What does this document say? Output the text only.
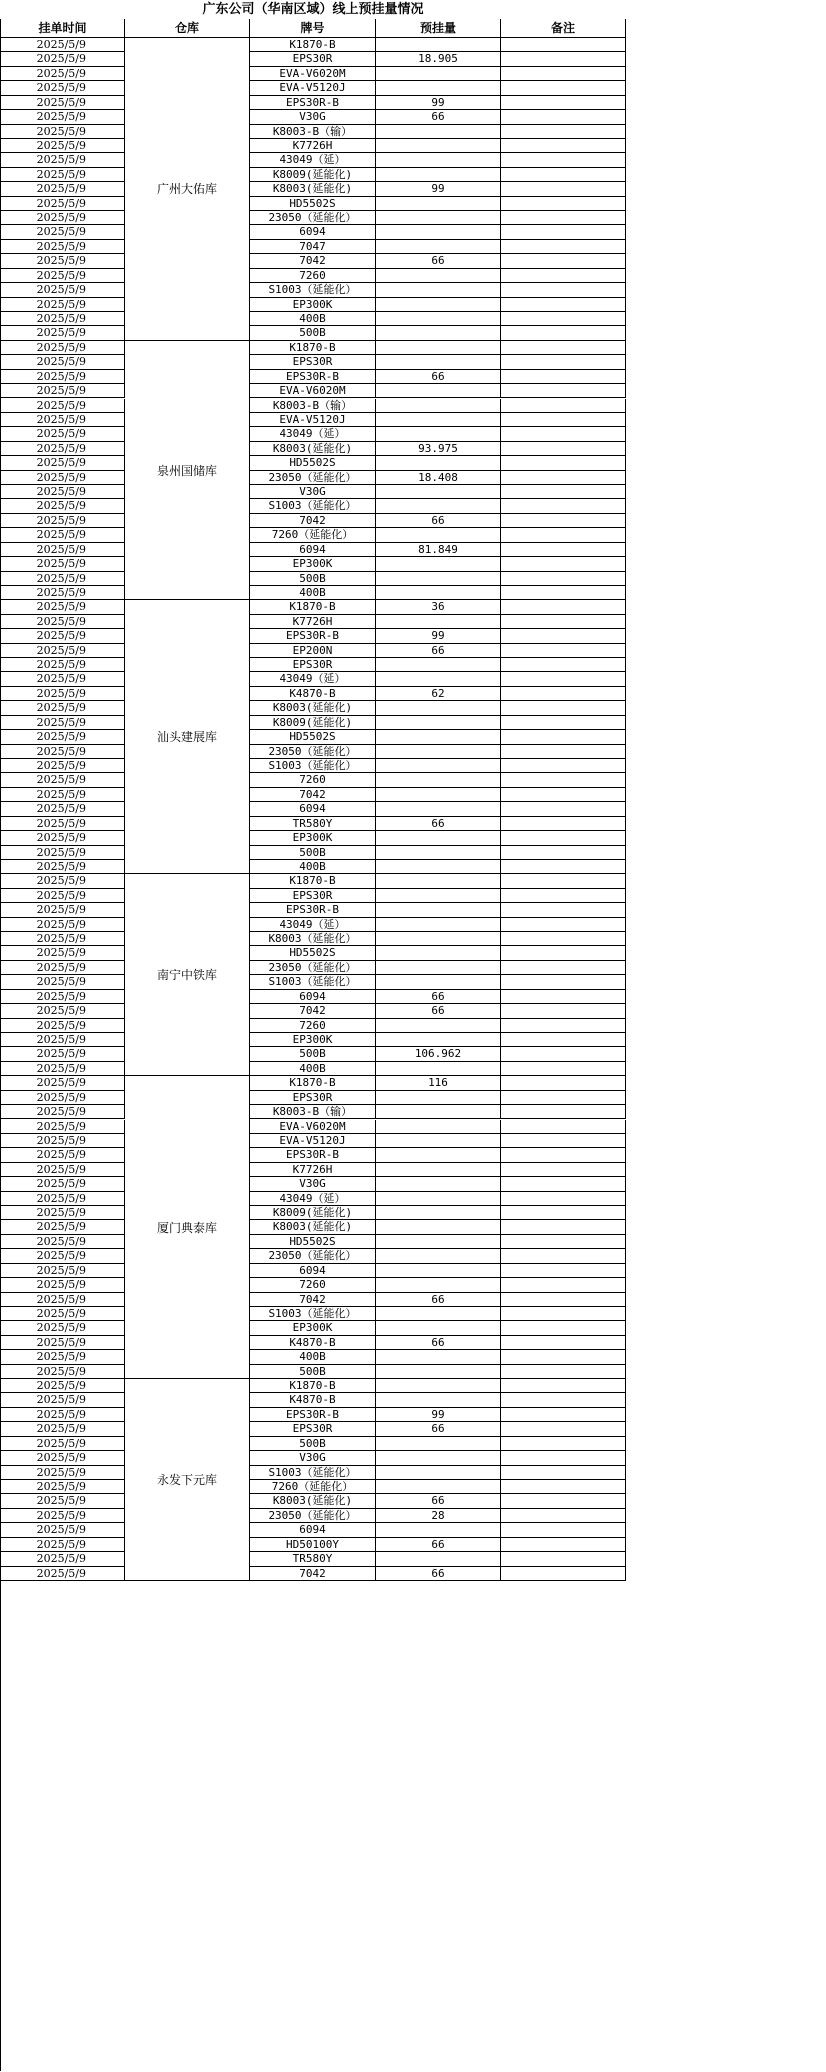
广东公司（华南区域）线上预挂量情况
挂单时间	仓库	牌号	预挂量	备注
广州大佑库
2025/5/9	K1870-B
2025/5/9	EPS30R	18.905
2025/5/9	EVA-V6020M
2025/5/9	EVA-V5120J
2025/5/9	EPS30R-B	99
2025/5/9	V30G	66
2025/5/9	K8003-B（输）
2025/5/9	K7726H
2025/5/9	43049（延）
2025/5/9	K8009(延能化)
2025/5/9	K8003(延能化)	99
2025/5/9	HD5502S
2025/5/9	23050（延能化）
2025/5/9	6094
2025/5/9	7047
2025/5/9	7042	66
2025/5/9	7260
2025/5/9	S1003（延能化）
2025/5/9	EP300K
2025/5/9	400B
2025/5/9	500B
泉州国储库
2025/5/9	K1870-B
2025/5/9	EPS30R
2025/5/9	EPS30R-B	66
2025/5/9	EVA-V6020M
2025/5/9	K8003-B（输）
2025/5/9	EVA-V5120J
2025/5/9	43049（延）
2025/5/9	K8003(延能化)	93.975
2025/5/9	HD5502S
2025/5/9	23050（延能化）	18.408
2025/5/9	V30G
2025/5/9	S1003（延能化）
2025/5/9	7042	66
2025/5/9	7260（延能化）
2025/5/9	6094	81.849
2025/5/9	EP300K
2025/5/9	500B
2025/5/9	400B
汕头建展库
2025/5/9	K1870-B	36
2025/5/9	K7726H
2025/5/9	EPS30R-B	99
2025/5/9	EP200N	66
2025/5/9	EPS30R
2025/5/9	43049（延）
2025/5/9	K4870-B	62
2025/5/9	K8003(延能化)
2025/5/9	K8009(延能化)
2025/5/9	HD5502S
2025/5/9	23050（延能化）
2025/5/9	S1003（延能化）
2025/5/9	7260
2025/5/9	7042
2025/5/9	6094
2025/5/9	TR580Y	66
2025/5/9	EP300K
2025/5/9	500B
2025/5/9	400B
南宁中铁库
2025/5/9	K1870-B
2025/5/9	EPS30R
2025/5/9	EPS30R-B
2025/5/9	43049（延）
2025/5/9	K8003（延能化）
2025/5/9	HD5502S
2025/5/9	23050（延能化）
2025/5/9	S1003（延能化）
2025/5/9	6094	66
2025/5/9	7042	66
2025/5/9	7260
2025/5/9	EP300K
2025/5/9	500B	106.962
2025/5/9	400B
厦门典泰库
2025/5/9	K1870-B	116
2025/5/9	EPS30R
2025/5/9	K8003-B（输）
2025/5/9	EVA-V6020M
2025/5/9	EVA-V5120J
2025/5/9	EPS30R-B
2025/5/9	K7726H
2025/5/9	V30G
2025/5/9	43049（延）
2025/5/9	K8009(延能化)
2025/5/9	K8003(延能化)
2025/5/9	HD5502S
2025/5/9	23050（延能化）
2025/5/9	6094
2025/5/9	7260
2025/5/9	7042	66
2025/5/9	S1003（延能化）
2025/5/9	EP300K
2025/5/9	K4870-B	66
2025/5/9	400B
2025/5/9	500B
永发下元库
2025/5/9	K1870-B
2025/5/9	K4870-B
2025/5/9	EPS30R-B	99
2025/5/9	EPS30R	66
2025/5/9	500B
2025/5/9	V30G
2025/5/9	S1003（延能化）
2025/5/9	7260（延能化）
2025/5/9	K8003(延能化)	66
2025/5/9	23050（延能化）	28
2025/5/9	6094
2025/5/9	HD50100Y	66
2025/5/9	TR580Y
2025/5/9	7042	66
